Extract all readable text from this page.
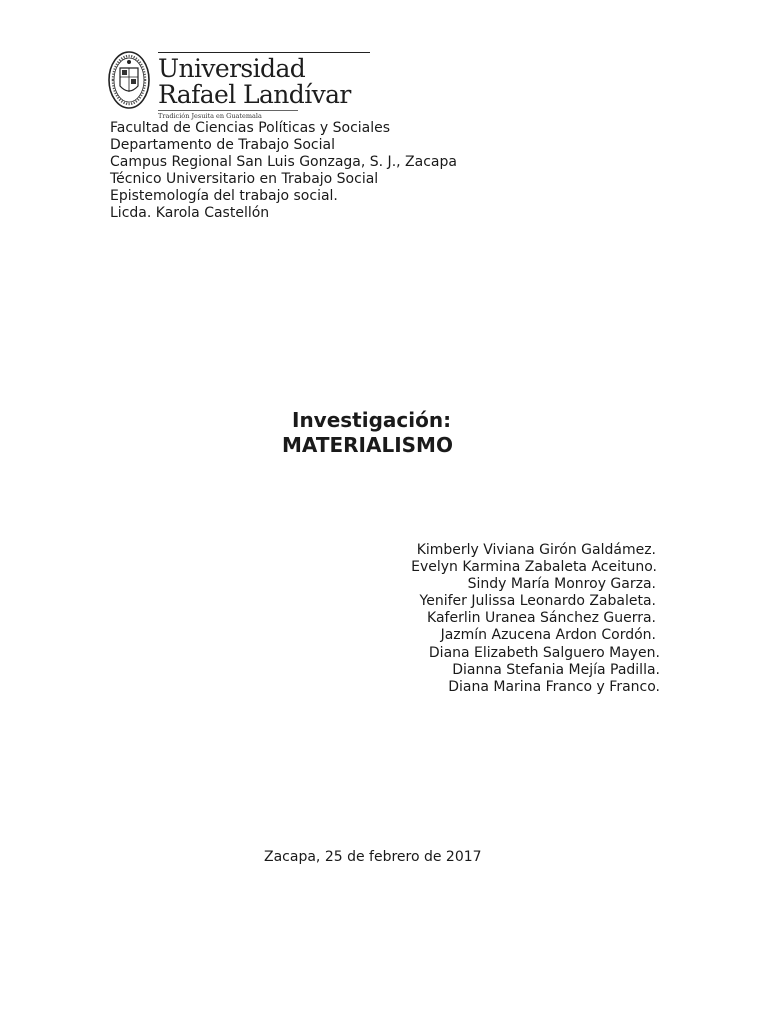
Universidad
Rafael Landívar
Tradición Jesuita en Guatemala
Facultad de Ciencias Políticas y Sociales
Departamento de Trabajo Social
Campus Regional San Luis Gonzaga, S. J., Zacapa
Técnico Universitario en Trabajo Social
Epistemología del trabajo social.
Licda. Karola Castellón
Investigación:
MATERIALISMO
Kimberly Viviana Girón Galdámez.
Evelyn Karmina Zabaleta Aceituno.
Sindy María Monroy Garza.
Yenifer Julissa Leonardo Zabaleta.
Kaferlin Uranea Sánchez Guerra.
Jazmín Azucena Ardon Cordón.
Diana Elizabeth Salguero Mayen.
Dianna Stefania Mejía Padilla.
Diana Marina Franco y Franco.
Zacapa, 25 de febrero de 2017
